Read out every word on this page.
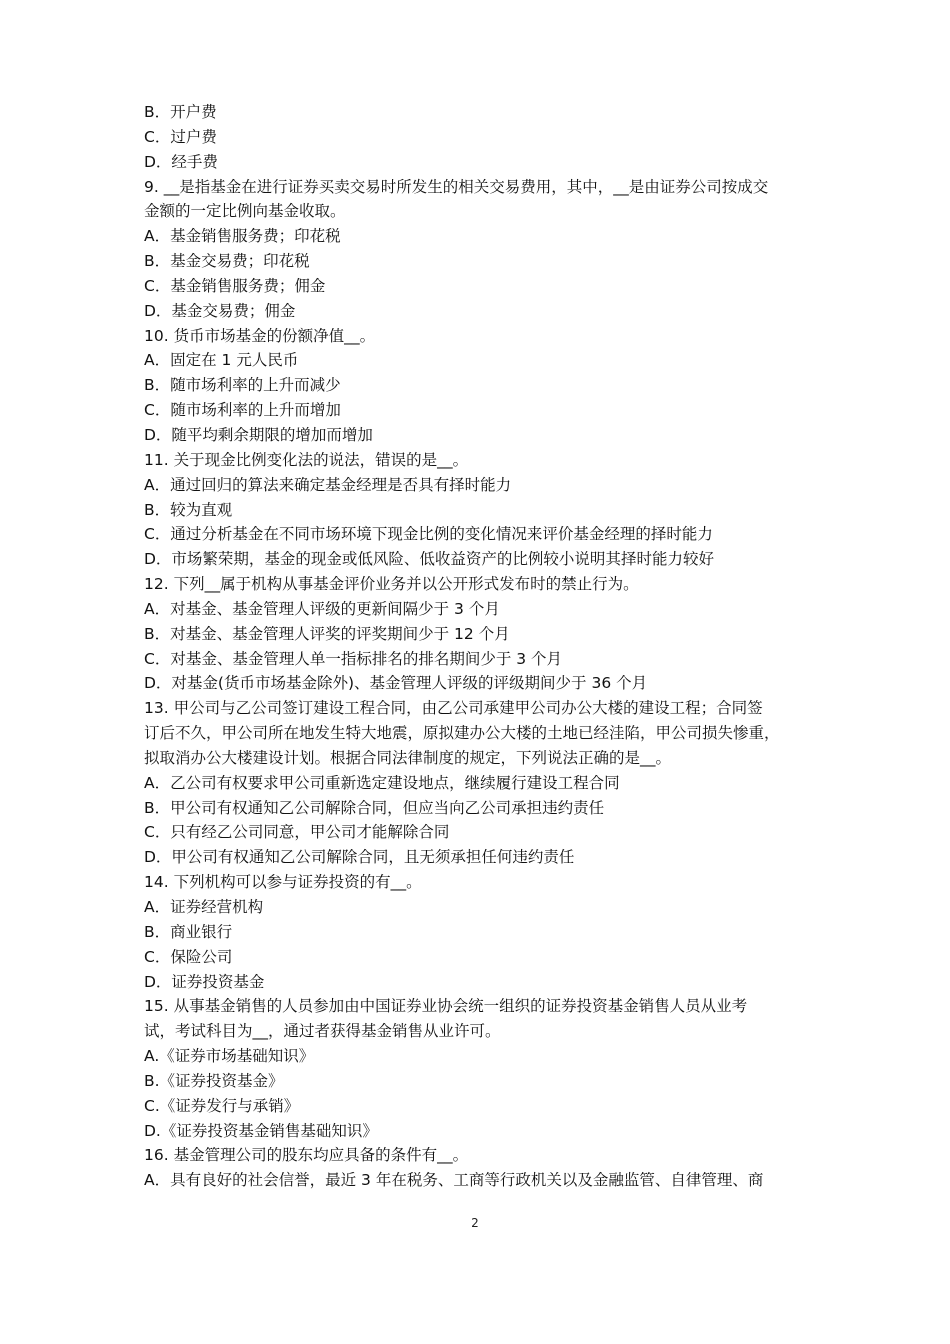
B．开户费
C．过户费
D．经手费
9. __是指基金在进行证券买卖交易时所发生的相关交易费用，其中，__是由证券公司按成交
金额的一定比例向基金收取。
A．基金销售服务费；印花税
B．基金交易费；印花税
C．基金销售服务费；佣金
D．基金交易费；佣金
10. 货币市场基金的份额净值__。
A．固定在 1 元人民币
B．随市场利率的上升而减少
C．随市场利率的上升而增加
D．随平均剩余期限的增加而增加
11. 关于现金比例变化法的说法，错误的是__。
A．通过回归的算法来确定基金经理是否具有择时能力
B．较为直观
C．通过分析基金在不同市场环境下现金比例的变化情况来评价基金经理的择时能力
D．市场繁荣期，基金的现金或低风险、低收益资产的比例较小说明其择时能力较好
12. 下列__属于机构从事基金评价业务并以公开形式发布时的禁止行为。
A．对基金、基金管理人评级的更新间隔少于 3 个月
B．对基金、基金管理人评奖的评奖期间少于 12 个月
C．对基金、基金管理人单一指标排名的排名期间少于 3 个月
D．对基金(货币市场基金除外)、基金管理人评级的评级期间少于 36 个月
13. 甲公司与乙公司签订建设工程合同，由乙公司承建甲公司办公大楼的建设工程；合同签
订后不久，甲公司所在地发生特大地震，原拟建办公大楼的土地已经洼陷，甲公司损失惨重，
拟取消办公大楼建设计划。根据合同法律制度的规定，下列说法正确的是__。
A．乙公司有权要求甲公司重新选定建设地点，继续履行建设工程合同
B．甲公司有权通知乙公司解除合同，但应当向乙公司承担违约责任
C．只有经乙公司同意，甲公司才能解除合同
D．甲公司有权通知乙公司解除合同，且无须承担任何违约责任
14. 下列机构可以参与证券投资的有__。
A．证券经营机构
B．商业银行
C．保险公司
D．证券投资基金
15. 从事基金销售的人员参加由中国证券业协会统一组织的证券投资基金销售人员从业考
试，考试科目为__，通过者获得基金销售从业许可。
A.《证券市场基础知识》
B.《证券投资基金》
C.《证券发行与承销》
D.《证券投资基金销售基础知识》
16. 基金管理公司的股东均应具备的条件有__。
A．具有良好的社会信誉，最近 3 年在税务、工商等行政机关以及金融监管、自律管理、商
2
